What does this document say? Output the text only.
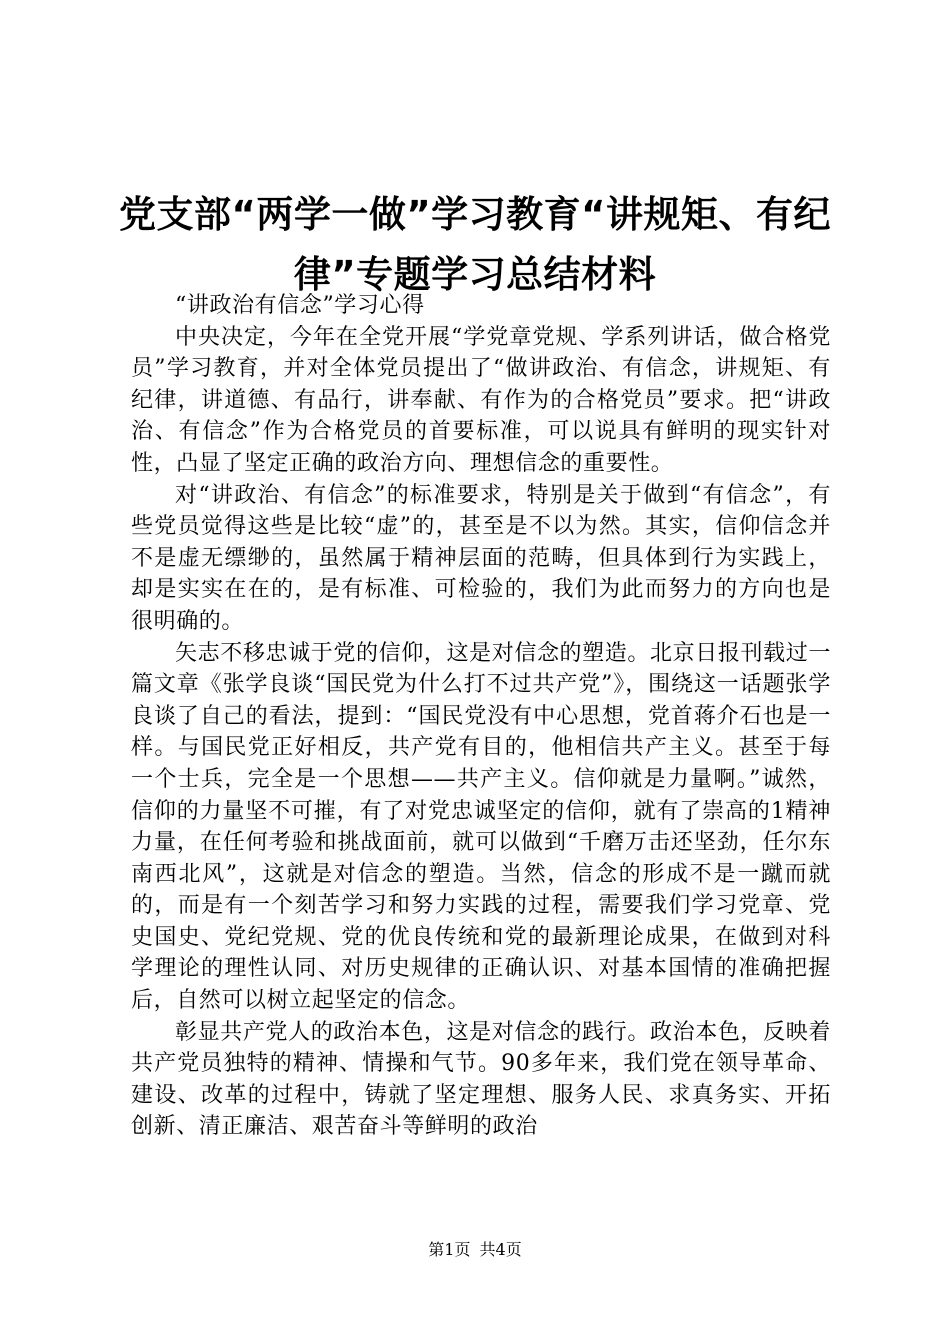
党支部“两学一做”学习教育“讲规矩、有纪律”专题学习总结材料

“讲政治有信念”学习心得

中央决定，今年在全党开展“学党章党规、学系列讲话，做合格党员”学习教育，并对全体党员提出了“做讲政治、有信念，讲规矩、有纪律，讲道德、有品行，讲奉献、有作为的合格党员”要求。把“讲政治、有信念”作为合格党员的首要标准，可以说具有鲜明的现实针对性，凸显了坚定正确的政治方向、理想信念的重要性。

对“讲政治、有信念”的标准要求，特别是关于做到“有信念”，有些党员觉得这些是比较“虚”的，甚至是不以为然。其实，信仰信念并不是虚无缥缈的，虽然属于精神层面的范畴，但具体到行为实践上，却是实实在在的，是有标准、可检验的，我们为此而努力的方向也是很明确的。

矢志不移忠诚于党的信仰，这是对信念的塑造。北京日报刊载过一篇文章《张学良谈“国民党为什么打不过共产党”》，围绕这一话题张学良谈了自己的看法，提到：“国民党没有中心思想，党首蒋介石也是一样。与国民党正好相反，共产党有目的，他相信共产主义。甚至于每一个士兵，完全是一个思想——共产主义。信仰就是力量啊。”诚然，信仰的力量坚不可摧，有了对党忠诚坚定的信仰，就有了崇高的1精神力量，在任何考验和挑战面前，就可以做到“千磨万击还坚劲，任尔东南西北风”，这就是对信念的塑造。当然，信念的形成不是一蹴而就的，而是有一个刻苦学习和努力实践的过程，需要我们学习党章、党史国史、党纪党规、党的优良传统和党的最新理论成果，在做到对科学理论的理性认同、对历史规律的正确认识、对基本国情的准确把握后，自然可以树立起坚定的信念。

彰显共产党人的政治本色，这是对信念的践行。政治本色，反映着共产党员独特的精神、情操和气节。90多年来，我们党在领导革命、建设、改革的过程中，铸就了坚定理想、服务人民、求真务实、开拓创新、清正廉洁、艰苦奋斗等鲜明的政治

第1页 共4页
